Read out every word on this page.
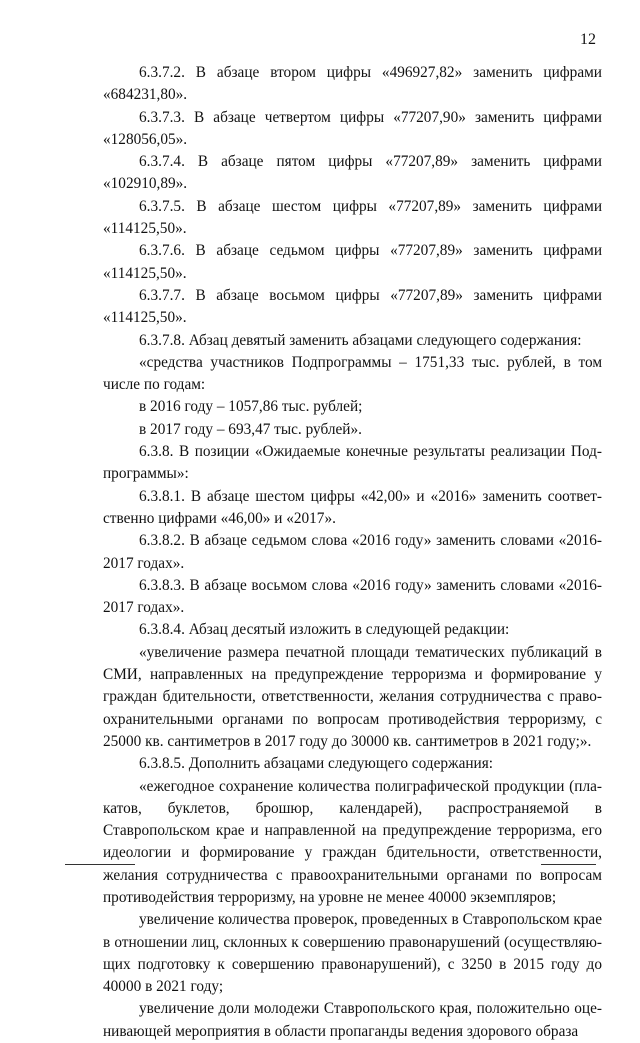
12

6.3.7.2. В абзаце втором цифры «496927,82» заменить цифрами «684231,80».

6.3.7.3. В абзаце четвертом цифры «77207,90» заменить цифрами «128056,05».

6.3.7.4. В абзаце пятом цифры «77207,89» заменить цифрами «102910,89».

6.3.7.5. В абзаце шестом цифры «77207,89» заменить цифрами «114125,50».

6.3.7.6. В абзаце седьмом цифры «77207,89» заменить цифрами «114125,50».

6.3.7.7. В абзаце восьмом цифры «77207,89» заменить цифрами «114125,50».

6.3.7.8. Абзац девятый заменить абзацами следующего содержания:

«средства участников Подпрограммы – 1751,33 тыс. рублей, в том числе по годам:

в 2016 году – 1057,86 тыс. рублей;

в 2017 году – 693,47 тыс. рублей».

6.3.8. В позиции «Ожидаемые конечные результаты реализации Подпрограммы»:

6.3.8.1. В абзаце шестом цифры «42,00» и «2016» заменить соответственно цифрами «46,00» и «2017».

6.3.8.2. В абзаце седьмом слова «2016 году» заменить словами «2016-2017 годах».

6.3.8.3. В абзаце восьмом слова «2016 году» заменить словами «2016-2017 годах».

6.3.8.4. Абзац десятый изложить в следующей редакции:

«увеличение размера печатной площади тематических публикаций в СМИ, направленных на предупреждение терроризма и формирование у граждан бдительности, ответственности, желания сотрудничества с правоохранительными органами по вопросам противодействия терроризму, с 25000 кв. сантиметров в 2017 году до 30000 кв. сантиметров в 2021 году;».

6.3.8.5. Дополнить абзацами следующего содержания:

«ежегодное сохранение количества полиграфической продукции (плакатов, буклетов, брошюр, календарей), распространяемой в Ставропольском крае и направленной на предупреждение терроризма, его идеологии и формирование у граждан бдительности, ответственности, желания сотрудничества с правоохранительными органами по вопросам противодействия терроризму, на уровне не менее 40000 экземпляров;

увеличение количества проверок, проведенных в Ставропольском крае в отношении лиц, склонных к совершению правонарушений (осуществляющих подготовку к совершению правонарушений), с 3250 в 2015 году до 40000 в 2021 году;

увеличение доли молодежи Ставропольского края, положительно оценивающей мероприятия в области пропаганды ведения здорового образа
